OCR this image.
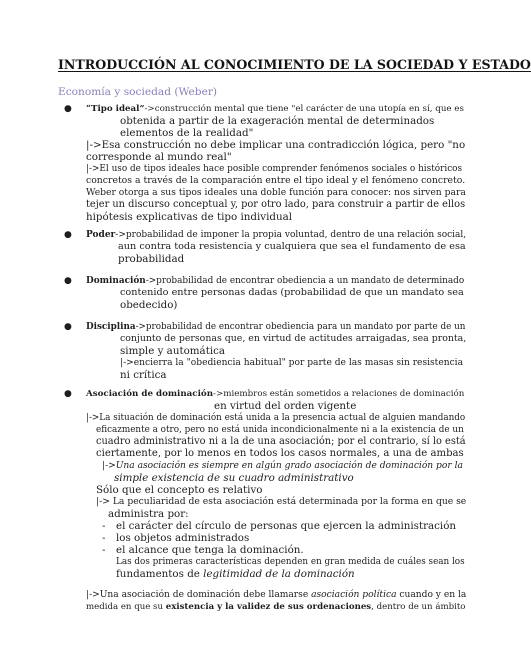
INTRODUCCIÓN AL CONOCIMIENTO DE LA SOCIEDAD Y ESTADO
Economía y sociedad (Weber)
● “Tipo ideal”->construcción mental que tiene "el carácter de una utopía en sí, que es
obtenida a partir de la exageración mental de determinados
elementos de la realidad"
|->Esa construcción no debe implicar una contradicción lógica, pero "no
corresponde al mundo real"
|->El uso de tipos ideales hace posible comprender fenómenos sociales o históricos
concretos a través de la comparación entre el tipo ideal y el fenómeno concreto.
Weber otorga a sus tipos ideales una doble función para conocer: nos sirven para
tejer un discurso conceptual y, por otro lado, para construir a partir de ellos
hipótesis explicativas de tipo individual
● Poder->probabilidad de imponer la propia voluntad, dentro de una relación social,
aun contra toda resistencia y cualquiera que sea el fundamento de esa
probabilidad
● Dominación->probabilidad de encontrar obediencia a un mandato de determinado
contenido entre personas dadas (probabilidad de que un mandato sea
obedecido)
● Disciplina->probabilidad de encontrar obediencia para un mandato por parte de un
conjunto de personas que, en virtud de actitudes arraigadas, sea pronta,
simple y automática
|->encierra la "obediencia habitual" por parte de las masas sin resistencia
ni crítica
● Asociación de dominación->miembros están sometidos a relaciones de dominación
en virtud del orden vigente
|->La situación de dominación está unida a la presencia actual de alguien mandando
eficazmente a otro, pero no está unida incondicionalmente ni a la existencia de un
cuadro administrativo ni a la de una asociación; por el contrario, sí lo está
ciertamente, por lo menos en todos los casos normales, a una de ambas
|->Una asociación es siempre en algún grado asociación de dominación por la
simple existencia de su cuadro administrativo
Sólo que el concepto es relativo
|-> La peculiaridad de esta asociación está determinada por la forma en que se
administra por:
- el carácter del círculo de personas que ejercen la administración
- los objetos administrados
- el alcance que tenga la dominación.
Las dos primeras características dependen en gran medida de cuáles sean los
fundamentos de legitimidad de la dominación
|->Una asociación de dominación debe llamarse asociación política cuando y en la
medida en que su existencia y la validez de sus ordenaciones, dentro de un ámbito
